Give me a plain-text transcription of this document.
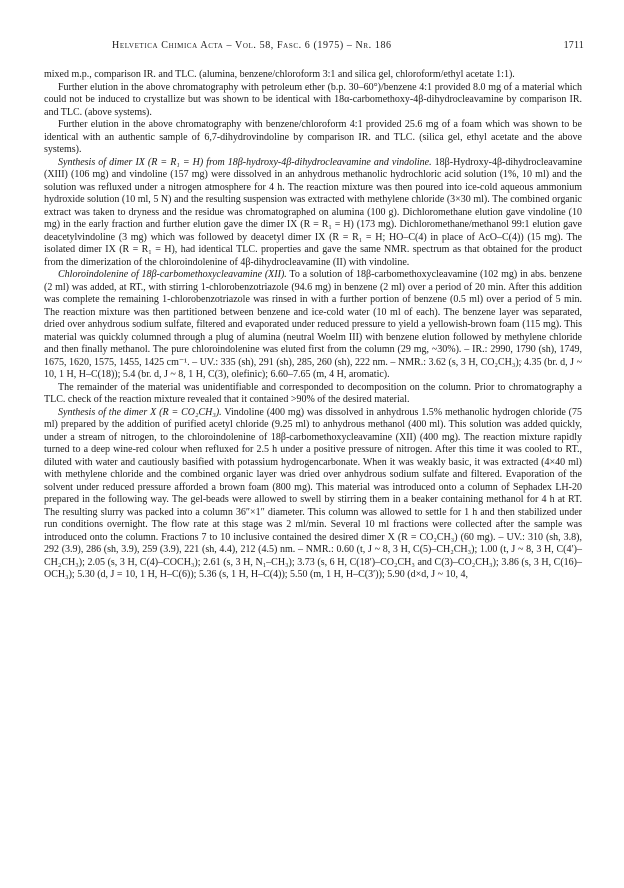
Helvetica Chimica Acta – Vol. 58, Fasc. 6 (1975) – Nr. 186	1711

mixed m.p., comparison IR. and TLC. (alumina, benzene/chloroform 3:1 and silica gel, chloroform/ethyl acetate 1:1).

Further elution in the above chromatography with petroleum ether (b.p. 30–60°)/benzene 4:1 provided 8.0 mg of a material which could not be induced to crystallize but was shown to be identical with 18α-carbomethoxy-4β-dihydrocleavamine by comparison IR. and TLC. (above systems).

Further elution in the above chromatography with benzene/chloroform 4:1 provided 25.6 mg of a foam which was shown to be identical with an authentic sample of 6,7-dihydrovindoline by comparison IR. and TLC. (silica gel, ethyl acetate and the above systems).

Synthesis of dimer IX (R = R₁ = H) from 18β-hydroxy-4β-dihydrocleavamine and vindoline. 18β-Hydroxy-4β-dihydrocleavamine (XIII) (106 mg) and vindoline (157 mg) were dissolved in an anhydrous methanolic hydrochloric acid solution (1%, 10 ml) and the solution was refluxed under a nitrogen atmosphere for 4 h. The reaction mixture was then poured into ice-cold aqueous ammonium hydroxide solution (10 ml, 5 N) and the resulting suspension was extracted with methylene chloride (3×30 ml). The combined organic extract was taken to dryness and the residue was chromatographed on alumina (100 g). Dichloromethane elution gave vindoline (10 mg) in the early fraction and further elution gave the dimer IX (R = R₁ = H) (173 mg). Dichloromethane/methanol 99:1 elution gave deacetylvindoline (3 mg) which was followed by deacetyl dimer IX (R = R₁ = H; HO–C(4) in place of AcO–C(4)) (15 mg). The isolated dimer IX (R = R₁ = H), had identical TLC. properties and gave the same NMR. spectrum as that obtained for the product from the dimerization of the chloroindolenine of 4β-dihydrocleavamine (II) with vindoline.

Chloroindolenine of 18β-carbomethoxycleavamine (XII). To a solution of 18β-carbomethoxycleavamine (102 mg) in abs. benzene (2 ml) was added, at RT., with stirring 1-chlorobenzotriazole (94.6 mg) in benzene (2 ml) over a period of 20 min. After this addition was complete the remaining 1-chlorobenzotriazole was rinsed in with a further portion of benzene (0.5 ml) over a period of 5 min. The reaction mixture was then partitioned between benzene and ice-cold water (10 ml of each). The benzene layer was separated, dried over anhydrous sodium sulfate, filtered and evaporated under reduced pressure to yield a yellowish-brown foam (115 mg). This material was quickly columned through a plug of alumina (neutral Woelm III) with benzene elution followed by methylene chloride and then finally methanol. The pure chloroindolenine was eluted first from the column (29 mg, ~30%). – IR.: 2990, 1790 (sh), 1749, 1675, 1620, 1575, 1455, 1425 cm⁻¹. – UV.: 335 (sh), 291 (sh), 285, 260 (sh), 222 nm. – NMR.: 3.62 (s, 3 H, CO₂CH₃); 4.35 (br. d, J ~ 10, 1 H, H–C(18)); 5.4 (br. d, J ~ 8, 1 H, C(3), olefinic); 6.60–7.65 (m, 4 H, aromatic).

The remainder of the material was unidentifiable and corresponded to decomposition on the column. Prior to chromatography a TLC. check of the reaction mixture revealed that it contained >90% of the desired material.

Synthesis of the dimer X (R = CO₂CH₃). Vindoline (400 mg) was dissolved in anhydrous 1.5% methanolic hydrogen chloride (75 ml) prepared by the addition of purified acetyl chloride (9.25 ml) to anhydrous methanol (400 ml). This solution was added quickly, under a stream of nitrogen, to the chloroindolenine of 18β-carbomethoxycleavamine (XII) (400 mg). The reaction mixture rapidly turned to a deep wine-red colour when refluxed for 2.5 h under a positive pressure of nitrogen. After this time it was cooled to RT., diluted with water and cautiously basified with potassium hydrogencarbonate. When it was weakly basic, it was extracted (4×40 ml) with methylene chloride and the combined organic layer was dried over anhydrous sodium sulfate and filtered. Evaporation of the solvent under reduced pressure afforded a brown foam (800 mg). This material was introduced onto a column of Sephadex LH-20 prepared in the following way. The gel-beads were allowed to swell by stirring them in a beaker containing methanol for 4 h at RT. The resulting slurry was packed into a column 36″×1″ diameter. This column was allowed to settle for 1 h and then stabilized under run conditions overnight. The flow rate at this stage was 2 ml/min. Several 10 ml fractions were collected after the sample was introduced onto the column. Fractions 7 to 10 inclusive contained the desired dimer X (R = CO₂CH₃) (60 mg). – UV.: 310 (sh, 3.8), 292 (3.9), 286 (sh, 3.9), 259 (3.9), 221 (sh, 4.4), 212 (4.5) nm. – NMR.: 0.60 (t, J ~ 8, 3 H, C(5)–CH₂CH₃); 1.00 (t, J ~ 8, 3 H, C(4′)–CH₂CH₃); 2.05 (s, 3 H, C(4)–COCH₃); 2.61 (s, 3 H, N₁–CH₃); 3.73 (s, 6 H, C(18′)–CO₂CH₃ and C(3)–CO₂CH₃); 3.86 (s, 3 H, C(16)–OCH₃); 5.30 (d, J = 10, 1 H, H–C(6)); 5.36 (s, 1 H, H–C(4)); 5.50 (m, 1 H, H–C(3′)); 5.90 (d×d, J ~ 10, 4,
